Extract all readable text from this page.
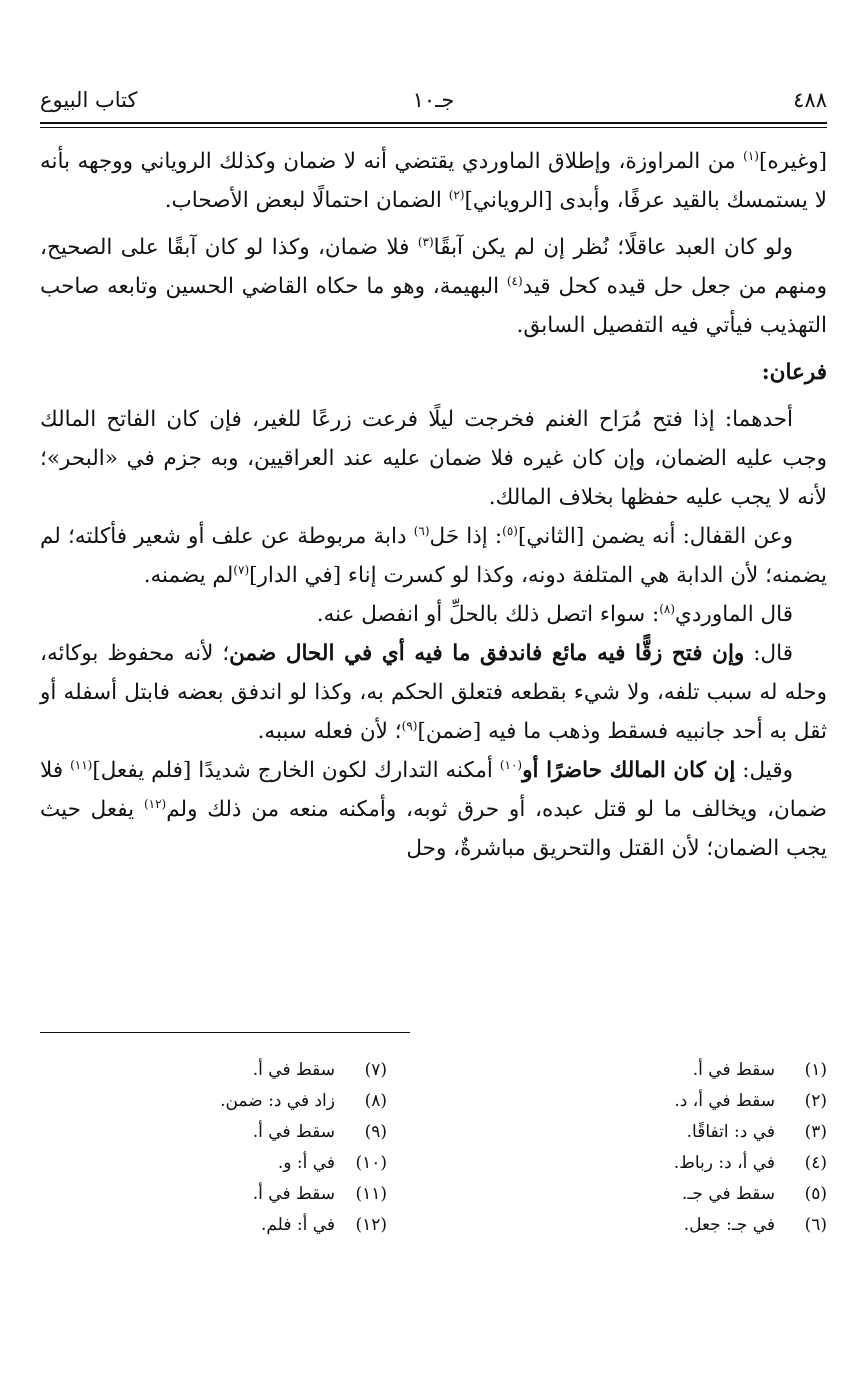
٤٨٨
جـ١٠
كتاب البيوع

[وغيره]$^{(١)}$ من المراوزة، وإطلاق الماوردي يقتضي أنه لا ضمان وكذلك الروياني ووجهه بأنه لا يستمسك بالقيد عرفًا، وأبدى [الروياني]$^{(٢)}$ الضمان احتمالًا لبعض الأصحاب.

ولو كان العبد عاقلًا؛ نُظر إن لم يكن آبقًا$^{(٣)}$ فلا ضمان، وكذا لو كان آبقًا على الصحيح، ومنهم من جعل حل قيده كحل قيد$^{(٤)}$ البهيمة، وهو ما حكاه القاضي الحسين وتابعه صاحب التهذيب فيأتي فيه التفصيل السابق.

فرعان:

أحدهما: إذا فتح مُرَاح الغنم فخرجت ليلًا فرعت زرعًا للغير، فإن كان الفاتح المالك وجب عليه الضمان، وإن كان غيره فلا ضمان عليه عند العراقيين، وبه جزم في «البحر»؛ لأنه لا يجب عليه حفظها بخلاف المالك.

وعن القفال: أنه يضمن [الثاني]$^{(٥)}$: إذا حَل$^{(٦)}$ دابة مربوطة عن علف أو شعير فأكلته؛ لم يضمنه؛ لأن الدابة هي المتلفة دونه، وكذا لو كسرت إناء [في الدار]$^{(٧)}$لم يضمنه.

قال الماوردي$^{(٨)}$: سواء اتصل ذلك بالحلِّ أو انفصل عنه.

قال: وإن فتح زقًّا فيه مائع فاندفق ما فيه أي في الحال ضمن؛ لأنه محفوظ بوكائه، وحله له سبب تلفه، ولا شيء بقطعه فتعلق الحكم به، وكذا لو اندفق بعضه فابتل أسفله أو ثقل به أحد جانبيه فسقط وذهب ما فيه [ضمن]$^{(٩)}$؛ لأن فعله سببه.

وقيل: إن كان المالك حاضرًا أو$^{(١٠)}$ أمكنه التدارك لكون الخارج شديدًا [فلم يفعل]$^{(١١)}$ فلا ضمان، ويخالف ما لو قتل عبده، أو حرق ثوبه، وأمكنه منعه من ذلك ولم$^{(١٢)}$ يفعل حيث يجب الضمان؛ لأن القتل والتحريق مباشرةٌ، وحل

(١)سقط في أ.
(٢)سقط في أ، د.
(٣)في د: اتفاقًا.
(٤)في أ، د: رباط.
(٥)سقط في جـ.
(٦)في جـ: جعل.
(٧)سقط في أ.
(٨)زاد في د: ضمن.
(٩)سقط في أ.
(١٠)في أ: و.
(١١)سقط في أ.
(١٢)في أ: فلم.
